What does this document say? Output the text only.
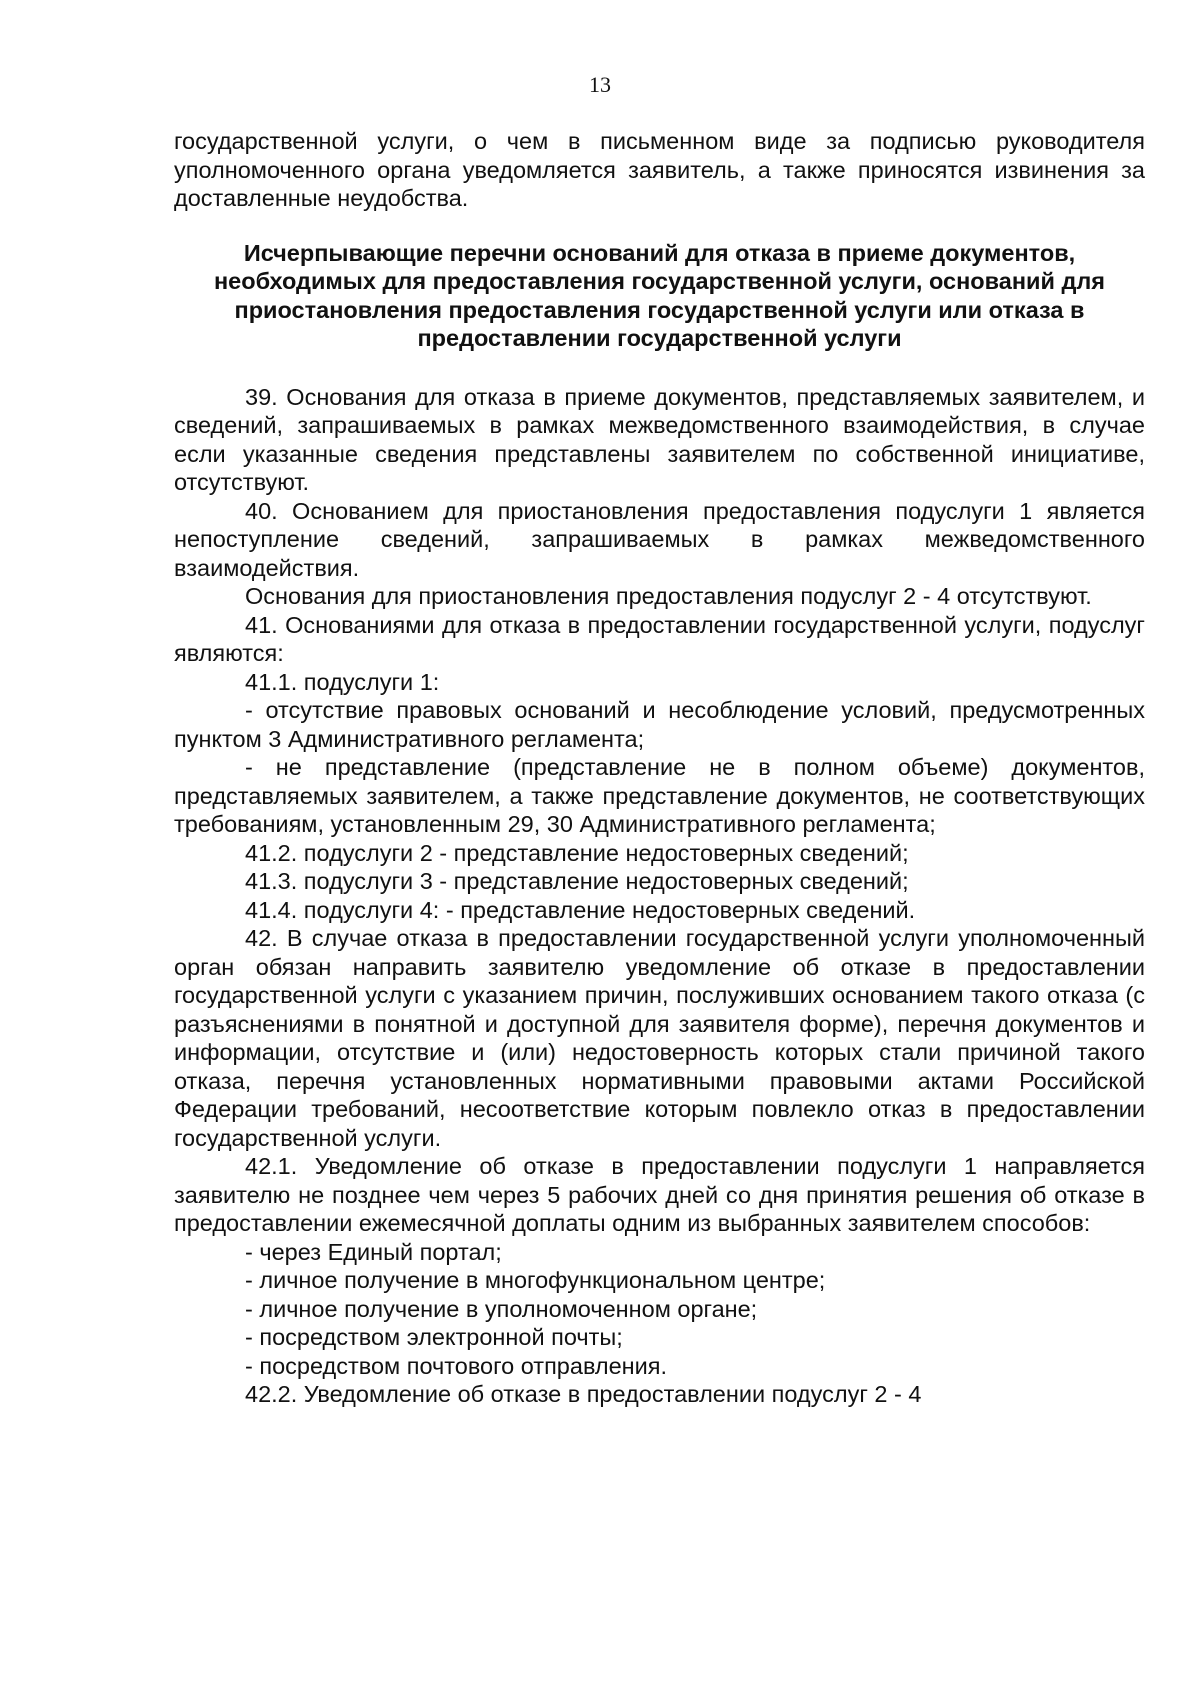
13

государственной услуги, о чем в письменном виде за подписью руководителя уполномоченного органа уведомляется заявитель, а также приносятся извинения за доставленные неудобства.

Исчерпывающие перечни оснований для отказа в приеме документов, необходимых для предоставления государственной услуги, оснований для приостановления предоставления государственной услуги или отказа в предоставлении государственной услуги

39. Основания для отказа в приеме документов, представляемых заявителем, и сведений, запрашиваемых в рамках межведомственного взаимодействия, в случае если указанные сведения представлены заявителем по собственной инициативе, отсутствуют.

40. Основанием для приостановления предоставления подуслуги 1 является непоступление сведений, запрашиваемых в рамках межведомственного взаимодействия.

Основания для приостановления предоставления подуслуг 2 - 4 отсутствуют.

41. Основаниями для отказа в предоставлении государственной услуги, подуслуг являются:

41.1. подуслуги 1:

- отсутствие правовых оснований и несоблюдение условий, предусмотренных пунктом 3 Административного регламента;

- не представление (представление не в полном объеме) документов, представляемых заявителем, а также представление документов, не соответствующих требованиям, установленным 29, 30 Административного регламента;

41.2. подуслуги 2 - представление недостоверных сведений;

41.3. подуслуги 3 - представление недостоверных сведений;

41.4. подуслуги 4: - представление недостоверных сведений.

42. В случае отказа в предоставлении государственной услуги уполномоченный орган обязан направить заявителю уведомление об отказе в предоставлении государственной услуги с указанием причин, послуживших основанием такого отказа (с разъяснениями в понятной и доступной для заявителя форме), перечня документов и информации, отсутствие и (или) недостоверность которых стали причиной такого отказа, перечня установленных нормативными правовыми актами Российской Федерации требований, несоответствие которым повлекло отказ в предоставлении государственной услуги.

42.1. Уведомление об отказе в предоставлении подуслуги 1 направляется заявителю не позднее чем через 5 рабочих дней со дня принятия решения об отказе в предоставлении ежемесячной доплаты одним из выбранных заявителем способов:

- через Единый портал;

- личное получение в многофункциональном центре;

- личное получение в уполномоченном органе;

- посредством электронной почты;

- посредством почтового отправления.

42.2. Уведомление об отказе в предоставлении подуслуг 2 - 4
